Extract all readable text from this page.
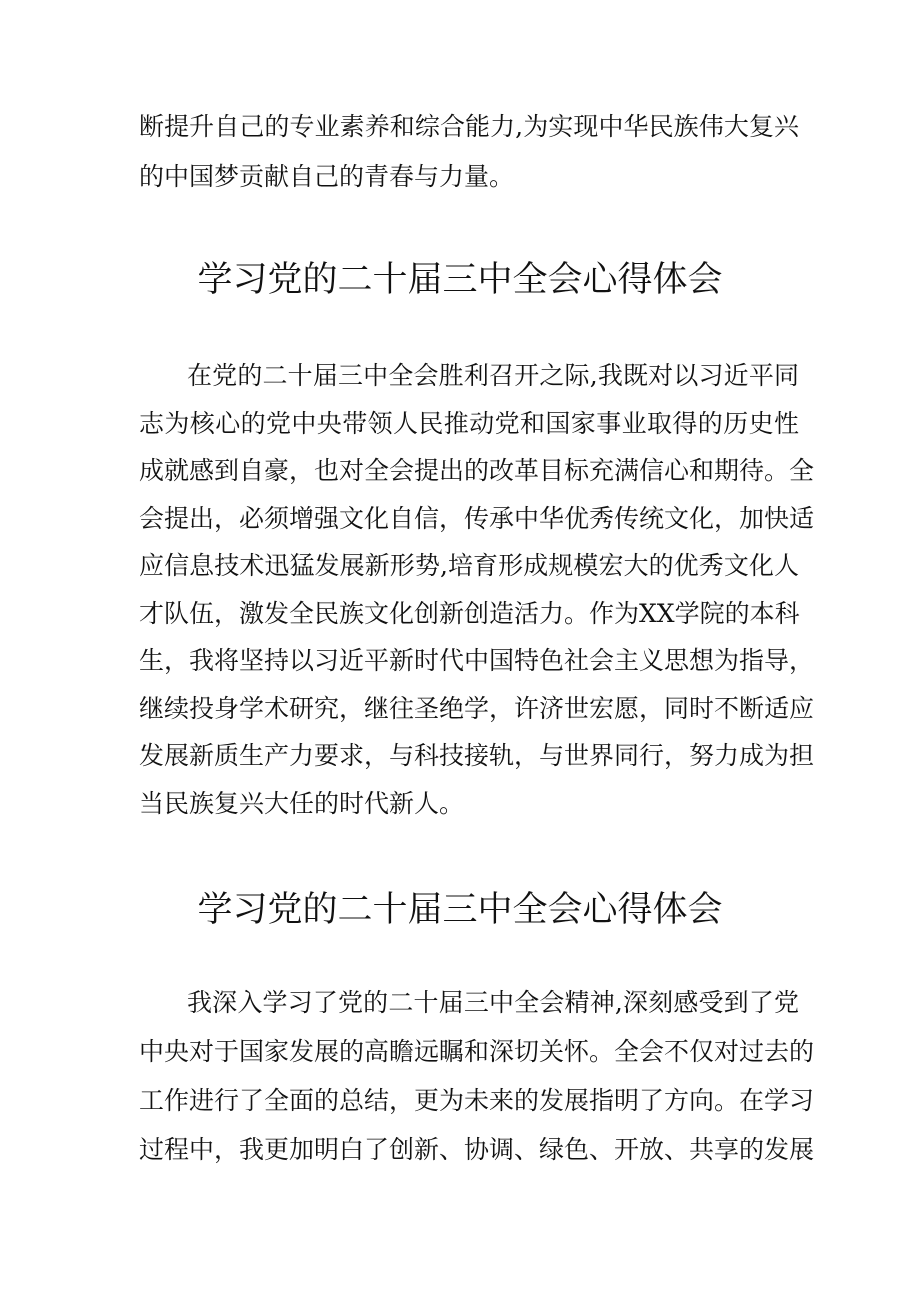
断提升自己的专业素养和综合能力,为实现中华民族伟大复兴
的中国梦贡献自己的青春与力量。
学习党的二十届三中全会心得体会
在党的二十届三中全会胜利召开之际,我既对以习近平同
志为核心的党中央带领人民推动党和国家事业取得的历史性
成就感到自豪，也对全会提出的改革目标充满信心和期待。全
会提出，必须增强文化自信，传承中华优秀传统文化，加快适
应信息技术迅猛发展新形势,培育形成规模宏大的优秀文化人
才队伍，激发全民族文化创新创造活力。作为XX学院的本科
生，我将坚持以习近平新时代中国特色社会主义思想为指导，
继续投身学术研究，继往圣绝学，许济世宏愿，同时不断适应
发展新质生产力要求，与科技接轨，与世界同行，努力成为担
当民族复兴大任的时代新人。
学习党的二十届三中全会心得体会
我深入学习了党的二十届三中全会精神,深刻感受到了党
中央对于国家发展的高瞻远瞩和深切关怀。全会不仅对过去的
工作进行了全面的总结，更为未来的发展指明了方向。在学习
过程中，我更加明白了创新、协调、绿色、开放、共享的发展
